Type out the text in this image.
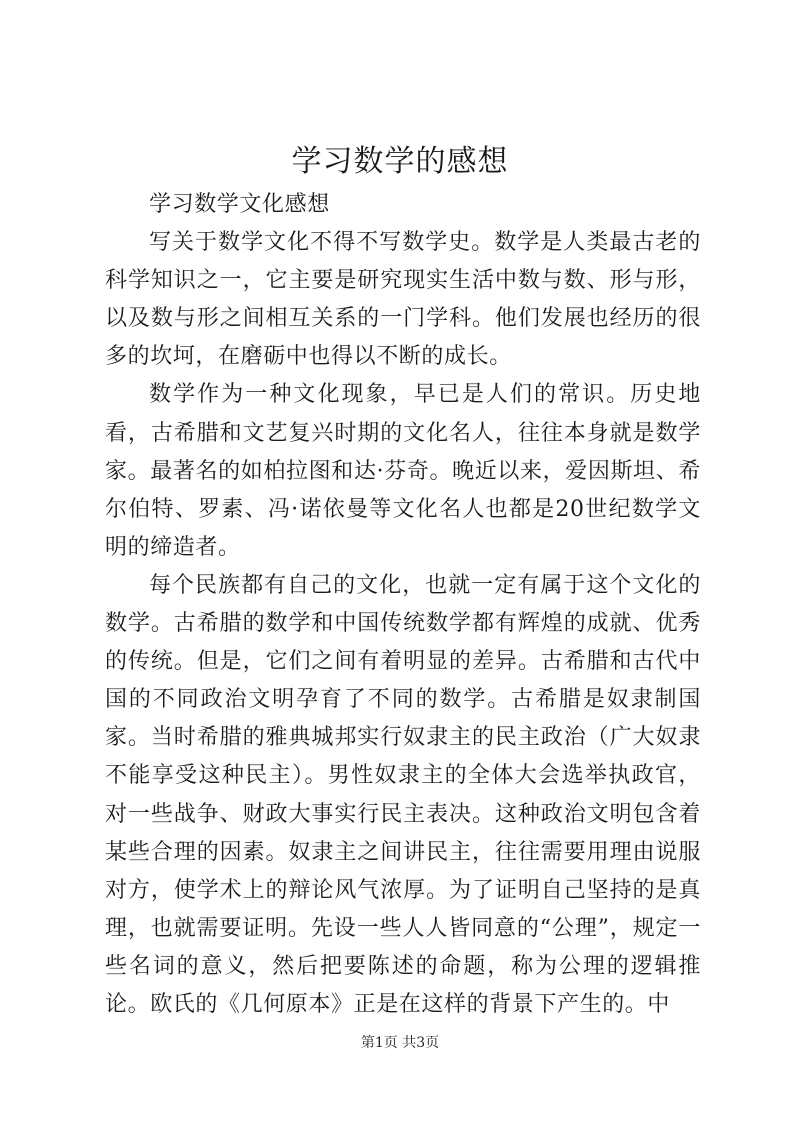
学习数学的感想

学习数学文化感想

写关于数学文化不得不写数学史。数学是人类最古老的科学知识之一，它主要是研究现实生活中数与数、形与形，以及数与形之间相互关系的一门学科。他们发展也经历的很多的坎坷，在磨砺中也得以不断的成长。

数学作为一种文化现象，早已是人们的常识。历史地看，古希腊和文艺复兴时期的文化名人，往往本身就是数学家。最著名的如柏拉图和达·芬奇。晚近以来，爱因斯坦、希尔伯特、罗素、冯·诺依曼等文化名人也都是20世纪数学文明的缔造者。

每个民族都有自己的文化，也就一定有属于这个文化的数学。古希腊的数学和中国传统数学都有辉煌的成就、优秀的传统。但是，它们之间有着明显的差异。古希腊和古代中国的不同政治文明孕育了不同的数学。古希腊是奴隶制国家。当时希腊的雅典城邦实行奴隶主的民主政治（广大奴隶不能享受这种民主）。男性奴隶主的全体大会选举执政官，对一些战争、财政大事实行民主表决。这种政治文明包含着某些合理的因素。奴隶主之间讲民主，往往需要用理由说服对方，使学术上的辩论风气浓厚。为了证明自己坚持的是真理，也就需要证明。先设一些人人皆同意的“公理”，规定一些名词的意义，然后把要陈述的命题，称为公理的逻辑推论。欧氏的《几何原本》正是在这样的背景下产生的。中

第1页 共3页
